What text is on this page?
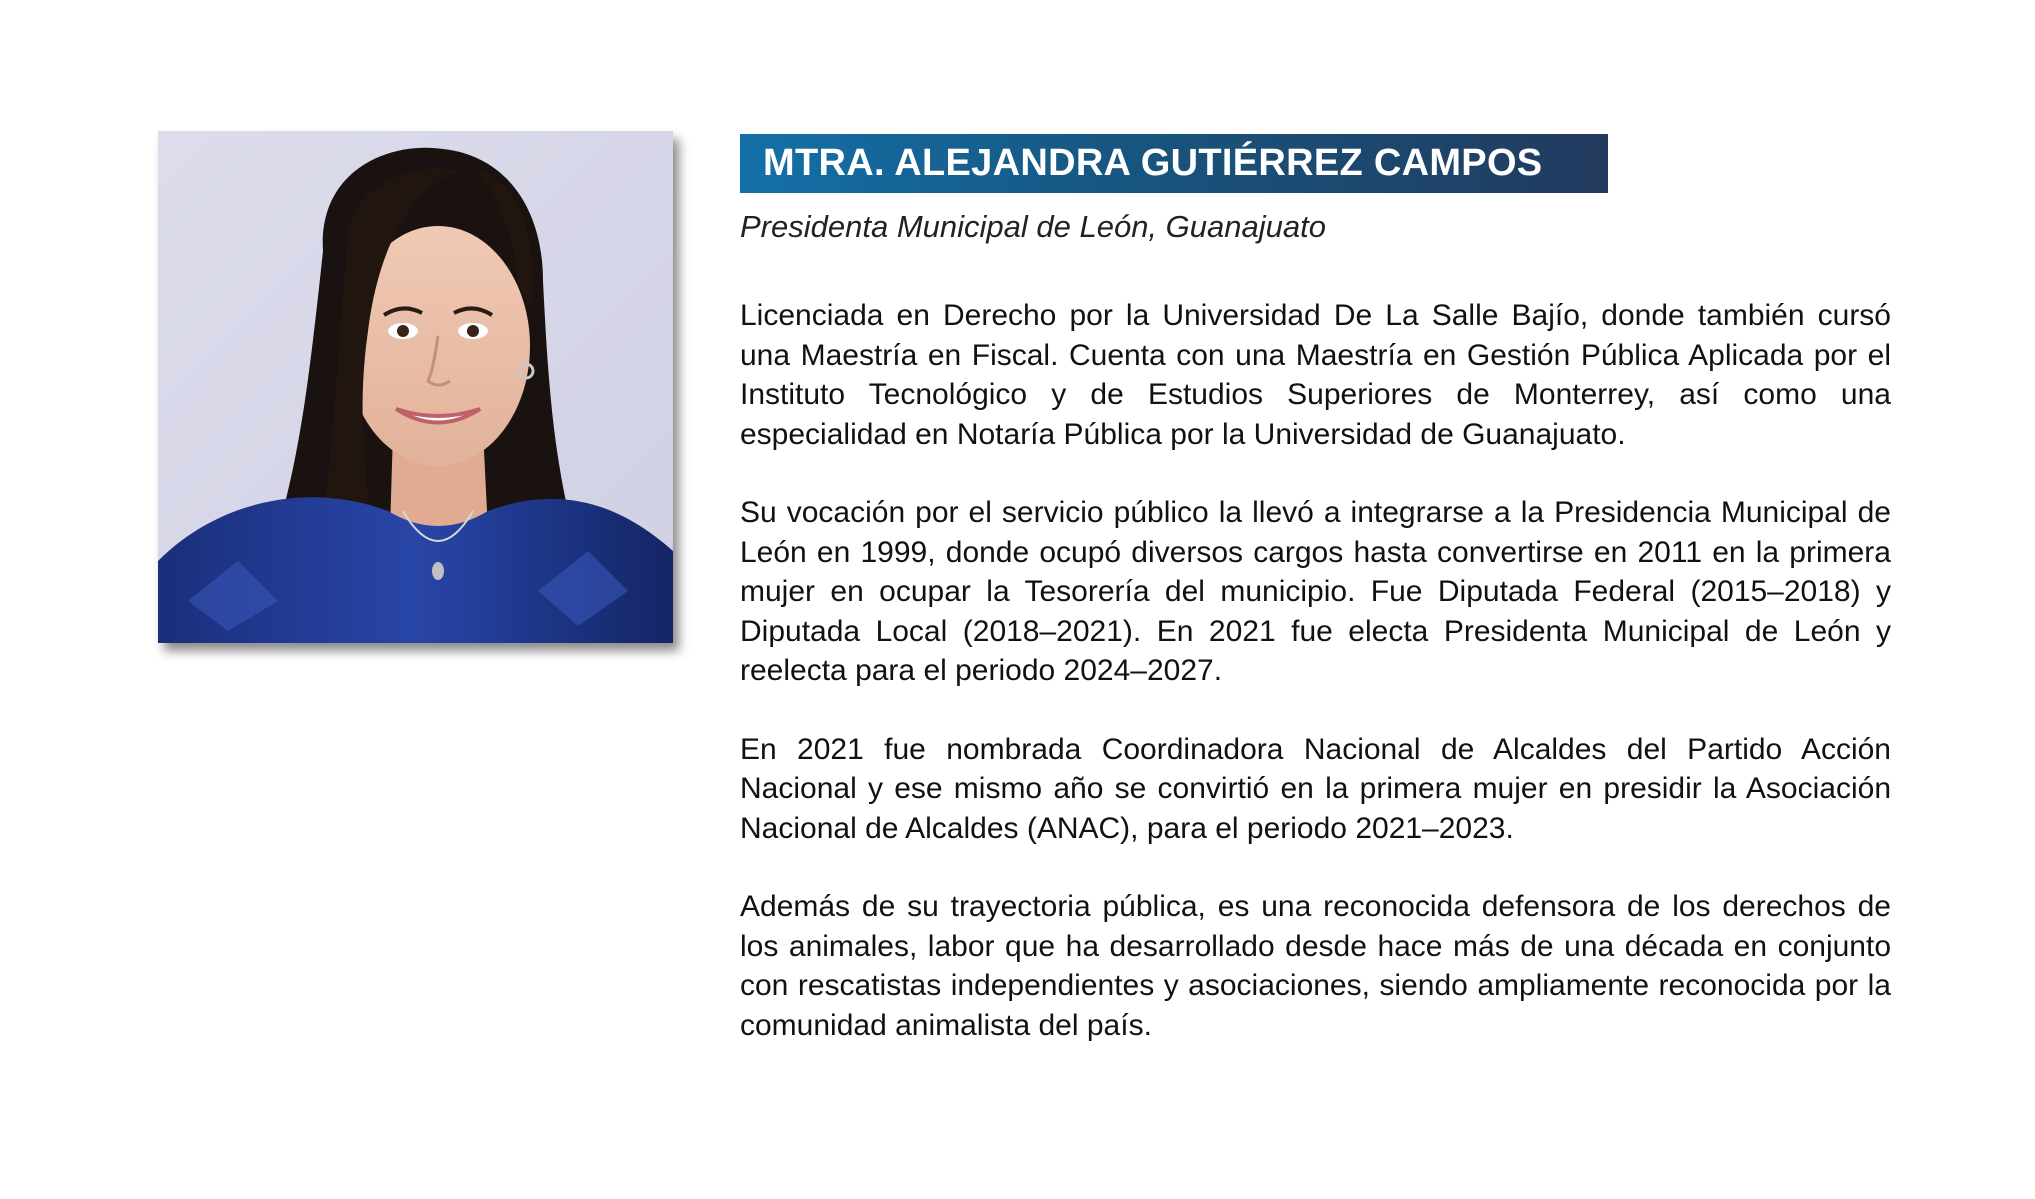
MTRA. ALEJANDRA GUTIÉRREZ CAMPOS
Presidenta Municipal de León, Guanajuato

Licenciada en Derecho por la Universidad De La Salle Bajío, donde también cursó una Maestría en Fiscal. Cuenta con una Maestría en Gestión Pública Aplicada por el Instituto Tecnológico y de Estudios Superiores de Monterrey, así como una especialidad en Notaría Pública por la Universidad de Guanajuato.

Su vocación por el servicio público la llevó a integrarse a la Presidencia Municipal de León en 1999, donde ocupó diversos cargos hasta convertirse en 2011 en la primera mujer en ocupar la Tesorería del municipio. Fue Diputada Federal (2015–2018) y Diputada Local (2018–2021). En 2021 fue electa Presidenta Municipal de León y reelecta para el periodo 2024–2027.

En 2021 fue nombrada Coordinadora Nacional de Alcaldes del Partido Acción Nacional y ese mismo año se convirtió en la primera mujer en presidir la Asociación Nacional de Alcaldes (ANAC), para el periodo 2021–2023.

Además de su trayectoria pública, es una reconocida defensora de los derechos de los animales, labor que ha desarrollado desde hace más de una década en conjunto con rescatistas independientes y asociaciones, siendo ampliamente reconocida por la comunidad animalista del país.
